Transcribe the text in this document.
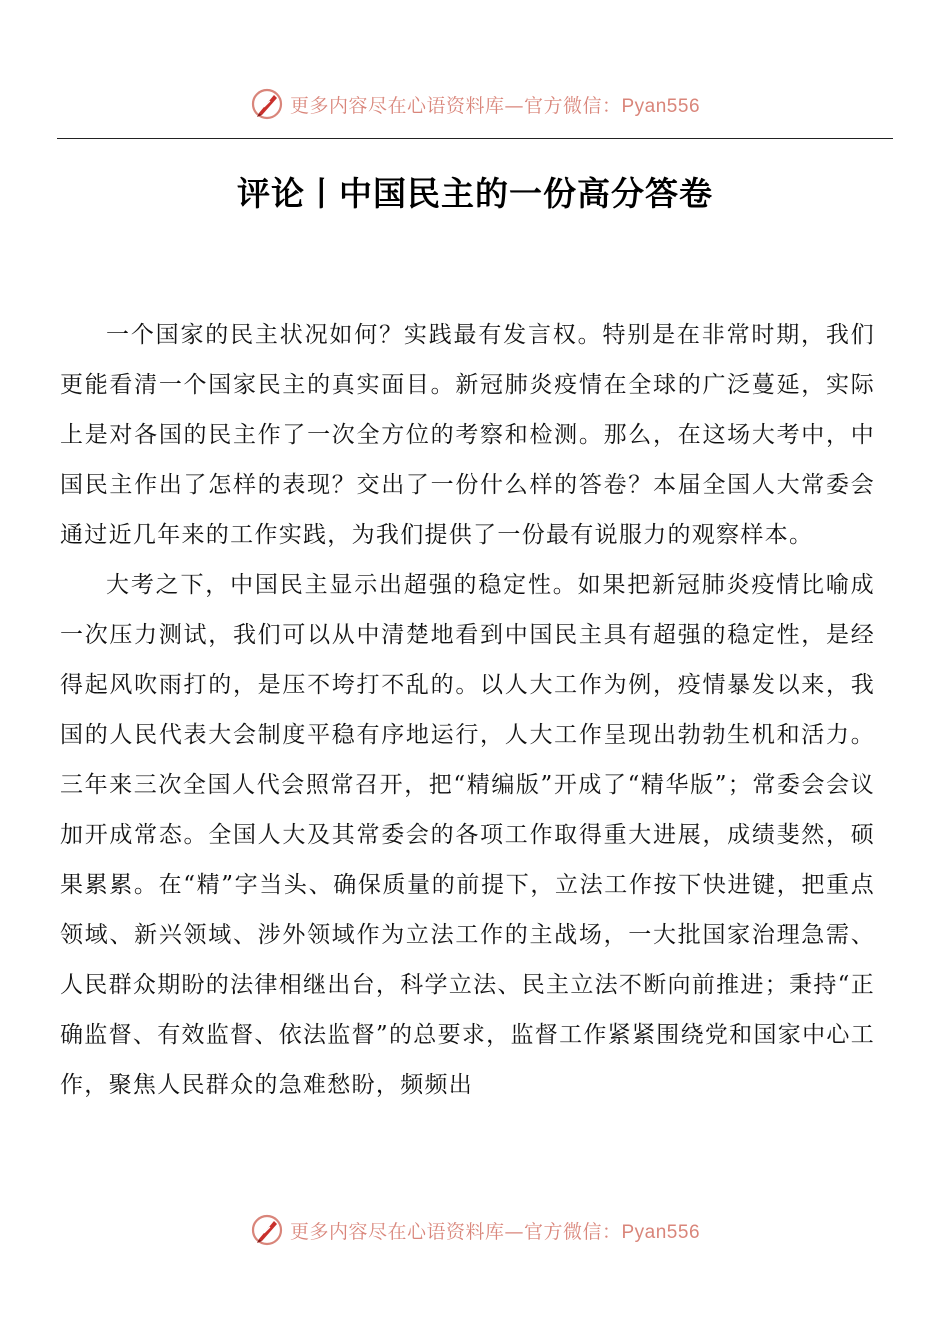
更多内容尽在心语资料库—官方微信：Pyan556
评论丨中国民主的一份高分答卷

一个国家的民主状况如何？实践最有发言权。特别是在非常时期，我们更能看清一个国家民主的真实面目。新冠肺炎疫情在全球的广泛蔓延，实际上是对各国的民主作了一次全方位的考察和检测。那么，在这场大考中，中国民主作出了怎样的表现？交出了一份什么样的答卷？本届全国人大常委会通过近几年来的工作实践，为我们提供了一份最有说服力的观察样本。

大考之下，中国民主显示出超强的稳定性。如果把新冠肺炎疫情比喻成一次压力测试，我们可以从中清楚地看到中国民主具有超强的稳定性，是经得起风吹雨打的，是压不垮打不乱的。以人大工作为例，疫情暴发以来，我国的人民代表大会制度平稳有序地运行，人大工作呈现出勃勃生机和活力。三年来三次全国人代会照常召开，把“精编版”开成了“精华版”；常委会会议加开成常态。全国人大及其常委会的各项工作取得重大进展，成绩斐然，硕果累累。在“精”字当头、确保质量的前提下，立法工作按下快进键，把重点领域、新兴领域、涉外领域作为立法工作的主战场，一大批国家治理急需、人民群众期盼的法律相继出台，科学立法、民主立法不断向前推进；秉持“正确监督、有效监督、依法监督”的总要求，监督工作紧紧围绕党和国家中心工作，聚焦人民群众的急难愁盼，频频出

更多内容尽在心语资料库—官方微信：Pyan556
